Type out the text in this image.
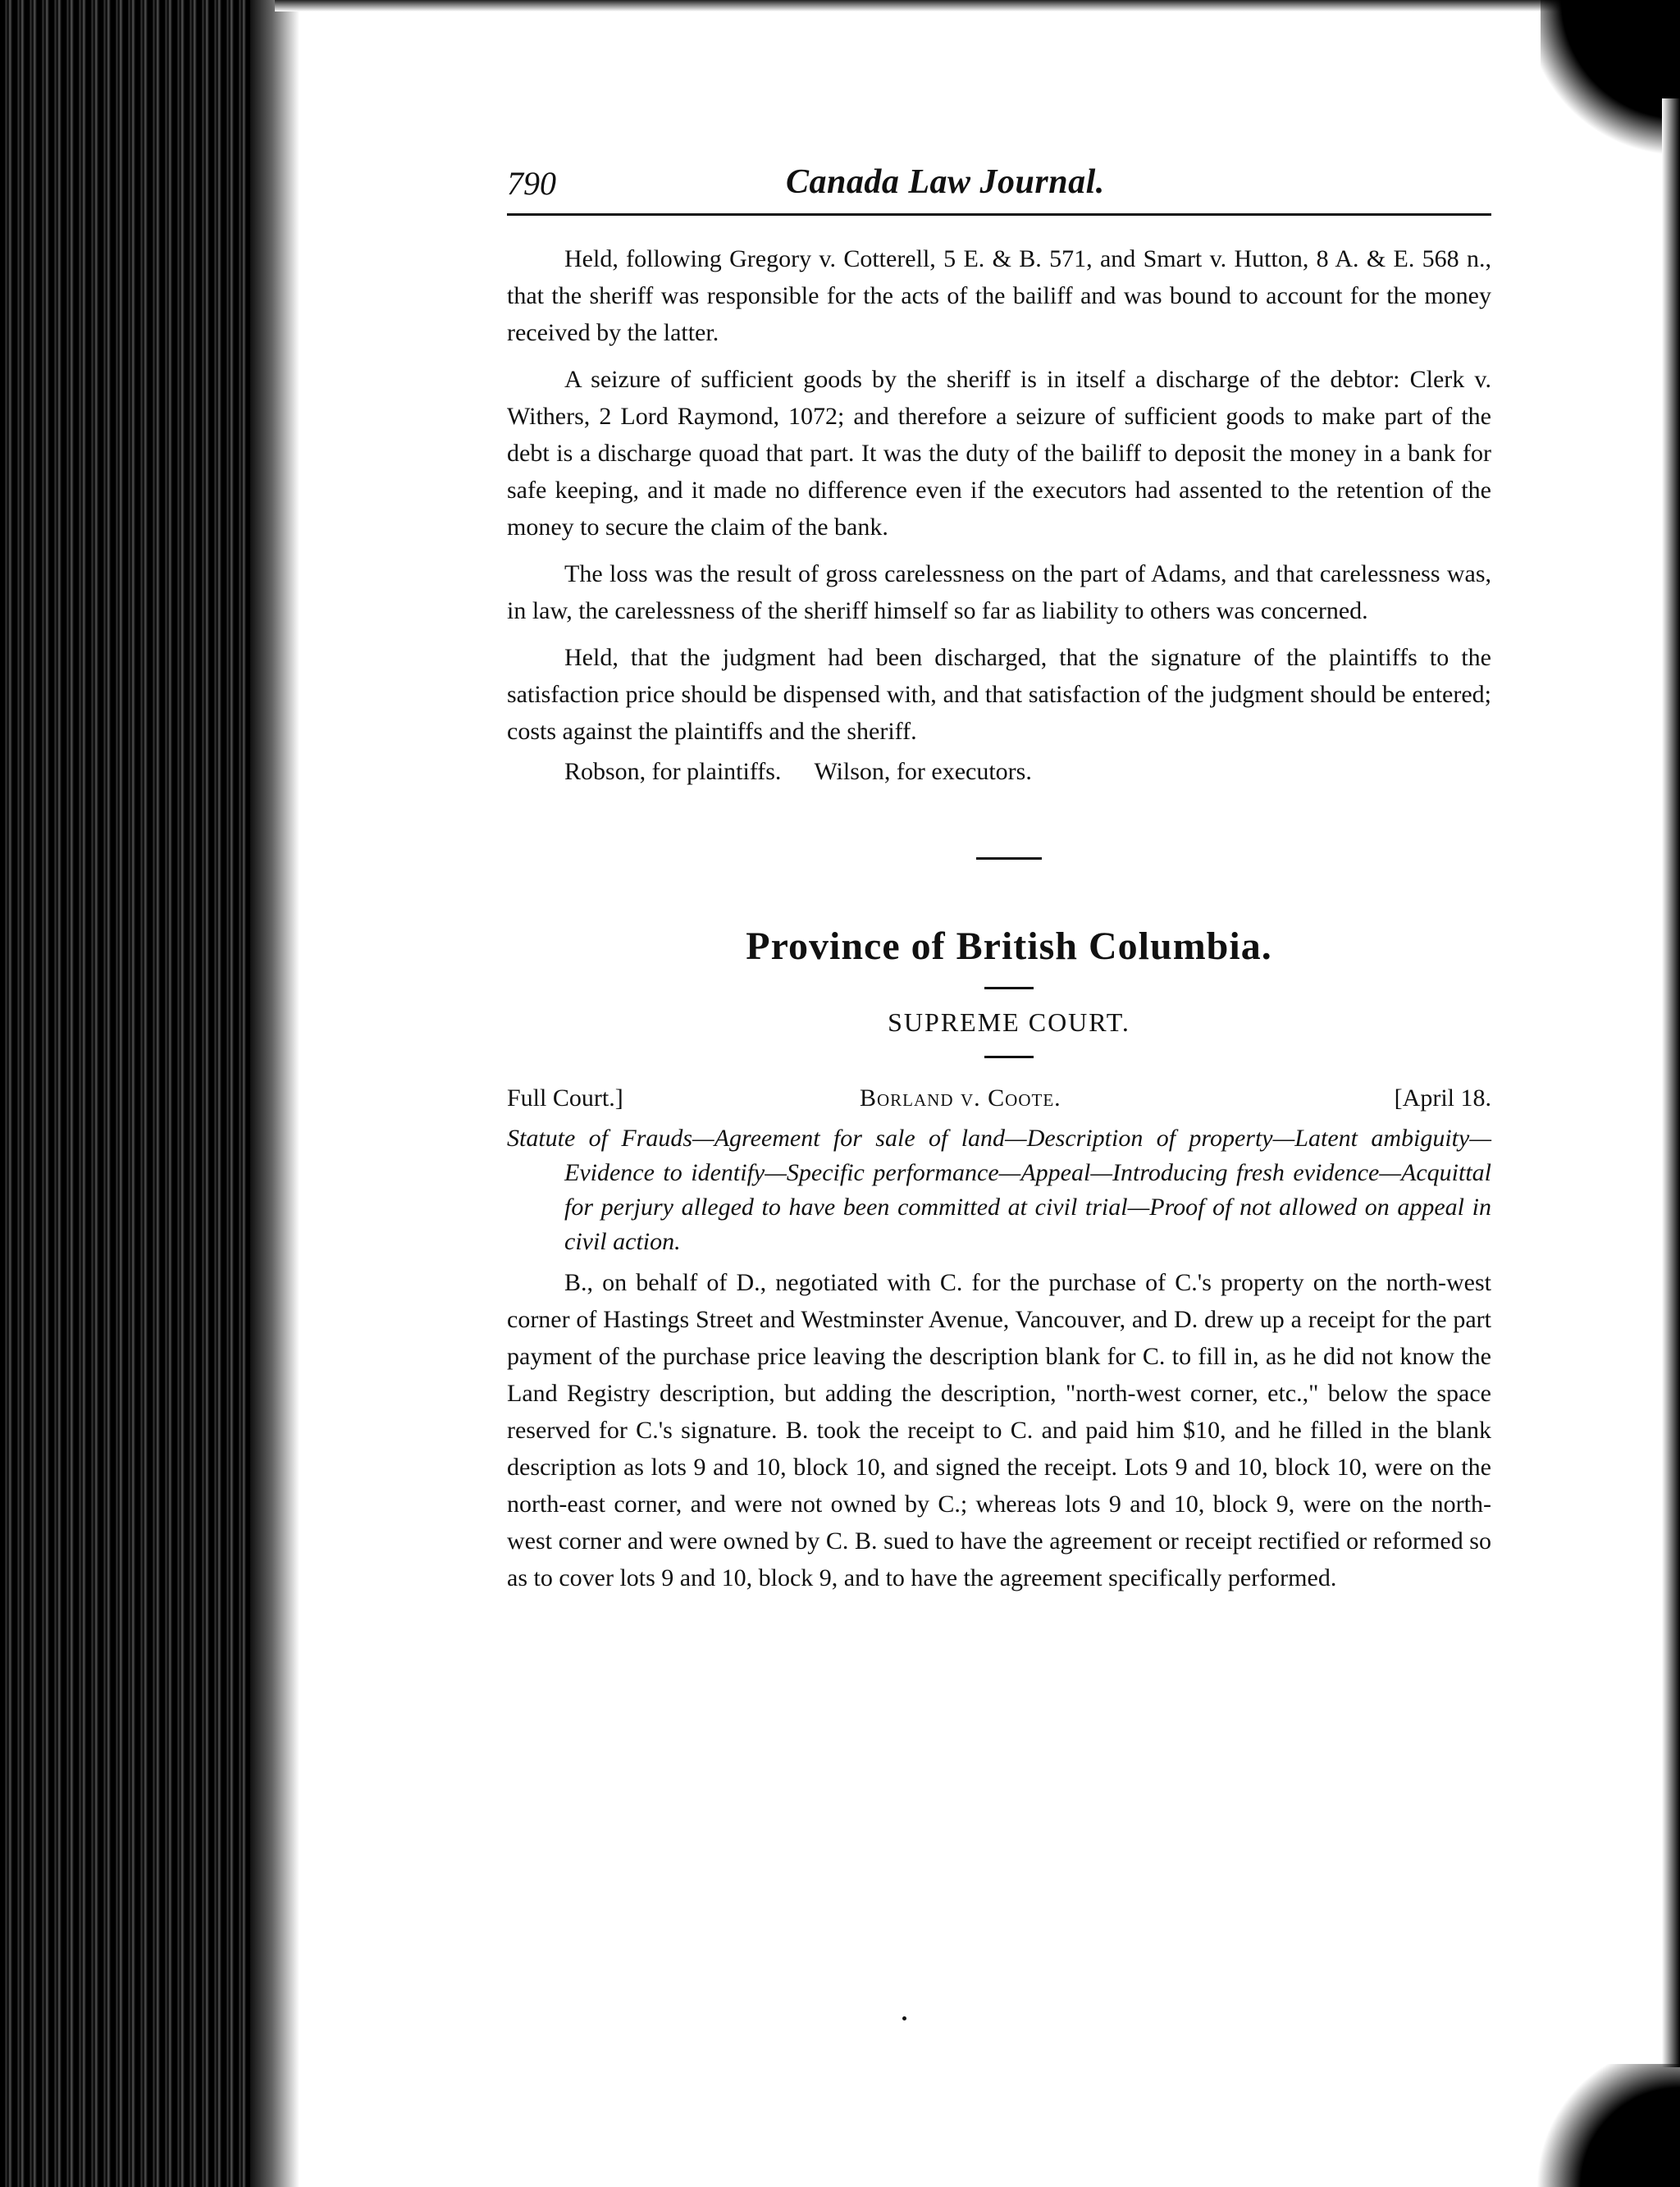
790	Canada Law Journal.

Held, following Gregory v. Cotterell, 5 E. & B. 571, and Smart v. Hutton, 8 A. & E. 568 n., that the sheriff was responsible for the acts of the bailiff and was bound to account for the money received by the latter.

A seizure of sufficient goods by the sheriff is in itself a discharge of the debtor: Clerk v. Withers, 2 Lord Raymond, 1072; and therefore a seizure of sufficient goods to make part of the debt is a discharge quoad that part. It was the duty of the bailiff to deposit the money in a bank for safe keeping, and it made no difference even if the executors had assented to the retention of the money to secure the claim of the bank.

The loss was the result of gross carelessness on the part of Adams, and that carelessness was, in law, the carelessness of the sheriff himself so far as liability to others was concerned.

Held, that the judgment had been discharged, that the signature of the plaintiffs to the satisfaction price should be dispensed with, and that satisfaction of the judgment should be entered; costs against the plaintiffs and the sheriff.

Robson, for plaintiffs. Wilson, for executors.
Province of British Columbia.
SUPREME COURT.
Full Court.]	Borland v. Coote.	[April 18.

Statute of Frauds—Agreement for sale of land—Description of property—Latent ambiguity—Evidence to identify—Specific performance—Appeal—Introducing fresh evidence—Acquittal for perjury alleged to have been committed at civil trial—Proof of not allowed on appeal in civil action.

B., on behalf of D., negotiated with C. for the purchase of C.'s property on the north-west corner of Hastings Street and Westminster Avenue, Vancouver, and D. drew up a receipt for the part payment of the purchase price leaving the description blank for C. to fill in, as he did not know the Land Registry description, but adding the description, "north-west corner, etc.," below the space reserved for C.'s signature. B. took the receipt to C. and paid him $10, and he filled in the blank description as lots 9 and 10, block 10, and signed the receipt. Lots 9 and 10, block 10, were on the north-east corner, and were not owned by C.; whereas lots 9 and 10, block 9, were on the north-west corner and were owned by C. B. sued to have the agreement or receipt rectified or reformed so as to cover lots 9 and 10, block 9, and to have the agreement specifically performed.
